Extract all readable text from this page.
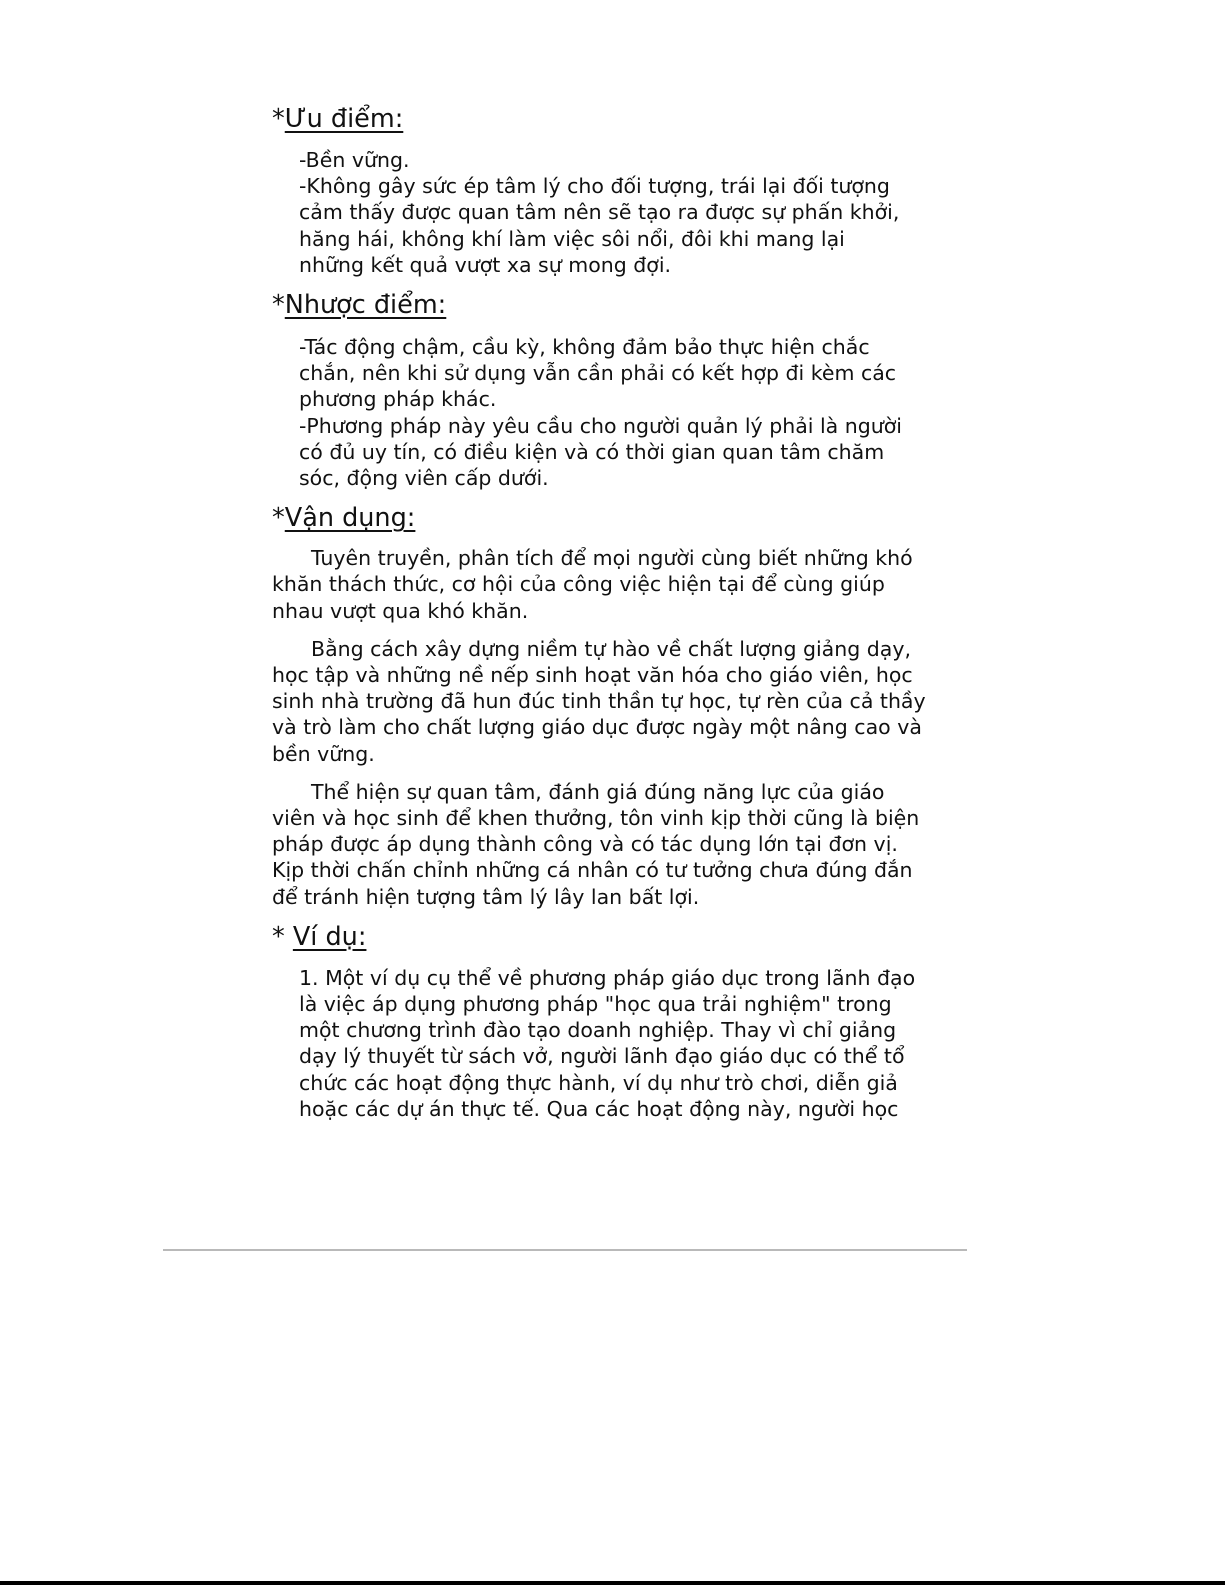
*Ưu điểm:
-Bền vững.
-Không gây sức ép tâm lý cho đối tượng, trái lại đối tượng
cảm thấy được quan tâm nên sẽ tạo ra được sự phấn khởi,
hăng hái, không khí làm việc sôi nổi, đôi khi mang lại
những kết quả vượt xa sự mong đợi.
*Nhược điểm:
-Tác động chậm, cầu kỳ, không đảm bảo thực hiện chắc
chắn, nên khi sử dụng vẫn cần phải có kết hợp đi kèm các
phương pháp khác.
-Phương pháp này yêu cầu cho người quản lý phải là người
có đủ uy tín, có điều kiện và có thời gian quan tâm chăm
sóc, động viên cấp dưới.
*Vận dụng:

Tuyên truyền, phân tích để mọi người cùng biết những khó
khăn thách thức, cơ hội của công việc hiện tại để cùng giúp
nhau vượt qua khó khăn.

Bằng cách xây dựng niềm tự hào về chất lượng giảng dạy,
học tập và những nề nếp sinh hoạt văn hóa cho giáo viên, học
sinh nhà trường đã hun đúc tinh thần tự học, tự rèn của cả thầy
và trò làm cho chất lượng giáo dục được ngày một nâng cao và
bền vững.

Thể hiện sự quan tâm, đánh giá đúng năng lực của giáo
viên và học sinh để khen thưởng, tôn vinh kịp thời cũng là biện
pháp được áp dụng thành công và có tác dụng lớn tại đơn vị.
Kịp thời chấn chỉnh những cá nhân có tư tưởng chưa đúng đắn
để tránh hiện tượng tâm lý lây lan bất lợi.

* Ví dụ:
1. Một ví dụ cụ thể về phương pháp giáo dục trong lãnh đạo
là việc áp dụng phương pháp "học qua trải nghiệm" trong
một chương trình đào tạo doanh nghiệp. Thay vì chỉ giảng
dạy lý thuyết từ sách vở, người lãnh đạo giáo dục có thể tổ
chức các hoạt động thực hành, ví dụ như trò chơi, diễn giả
hoặc các dự án thực tế. Qua các hoạt động này, người học
